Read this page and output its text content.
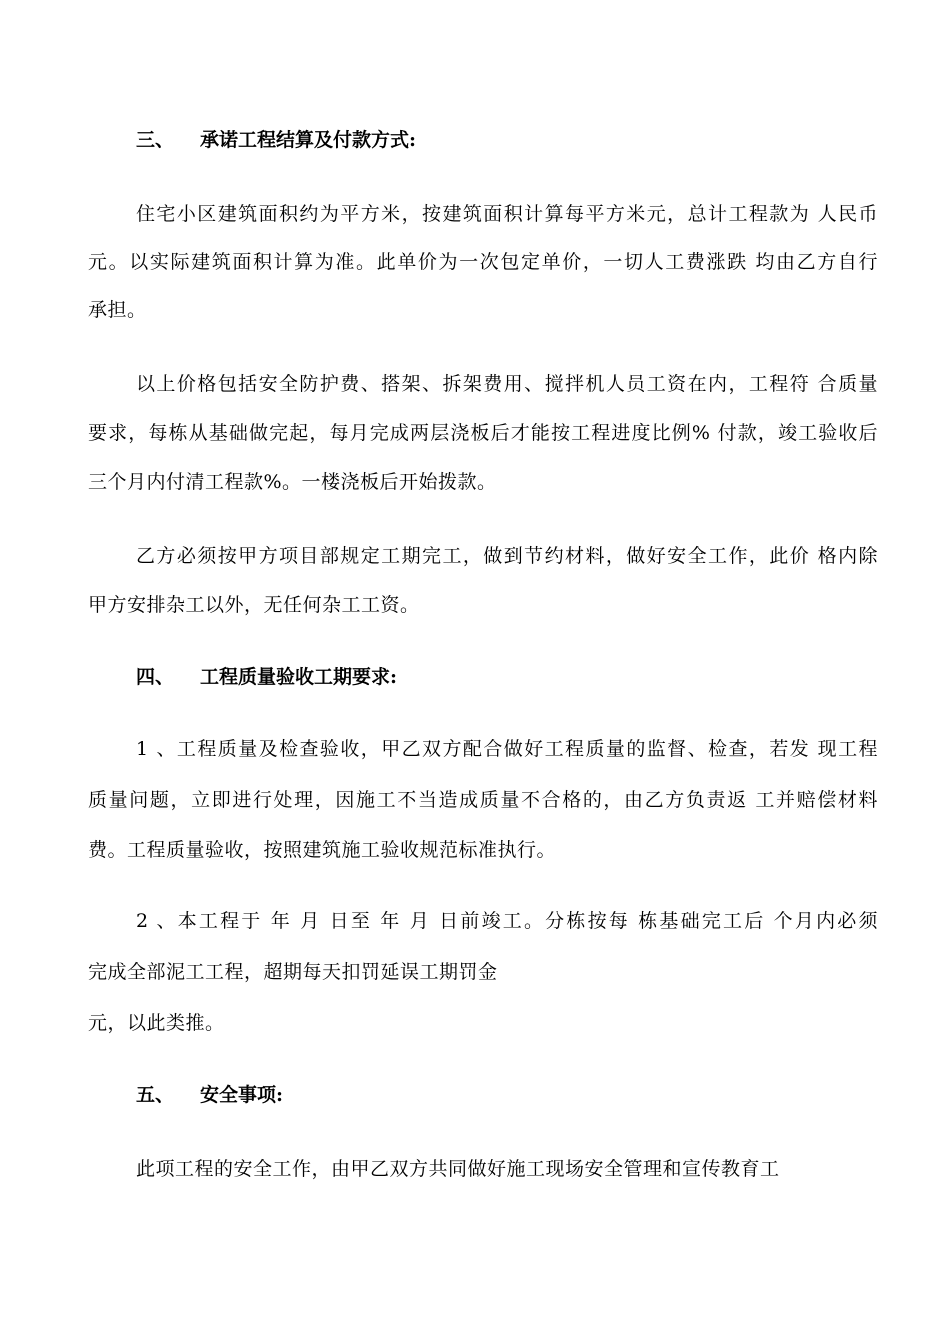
三、 承诺工程结算及付款方式:
住宅小区建筑面积约为平方米，按建筑面积计算每平方米元，总计工程款为 人民币
元。以实际建筑面积计算为准。此单价为一次包定单价，一切人工费涨跌 均由乙方自行
承担。
以上价格包括安全防护费、搭架、拆架费用、搅拌机人员工资在内，工程符 合质量
要求，每栋从基础做完起，每月完成两层浇板后才能按工程进度比例% 付款，竣工验收后
三个月内付清工程款%。一楼浇板后开始拨款。
乙方必须按甲方项目部规定工期完工，做到节约材料，做好安全工作，此价 格内除
甲方安排杂工以外，无任何杂工工资。
四、 工程质量验收工期要求:
1、工程质量及检查验收，甲乙双方配合做好工程质量的监督、检查，若发 现工程
质量问题，立即进行处理，因施工不当造成质量不合格的，由乙方负责返 工并赔偿材料
费。工程质量验收，按照建筑施工验收规范标准执行。
2、本工程于 年 月 日至 年 月 日前竣工。分栋按每 栋基础完工后 个月内必须
完成全部泥工工程，超期每天扣罚延误工期罚金
元，以此类推。
五、 安全事项:
此项工程的安全工作，由甲乙双方共同做好施工现场安全管理和宣传教育工
